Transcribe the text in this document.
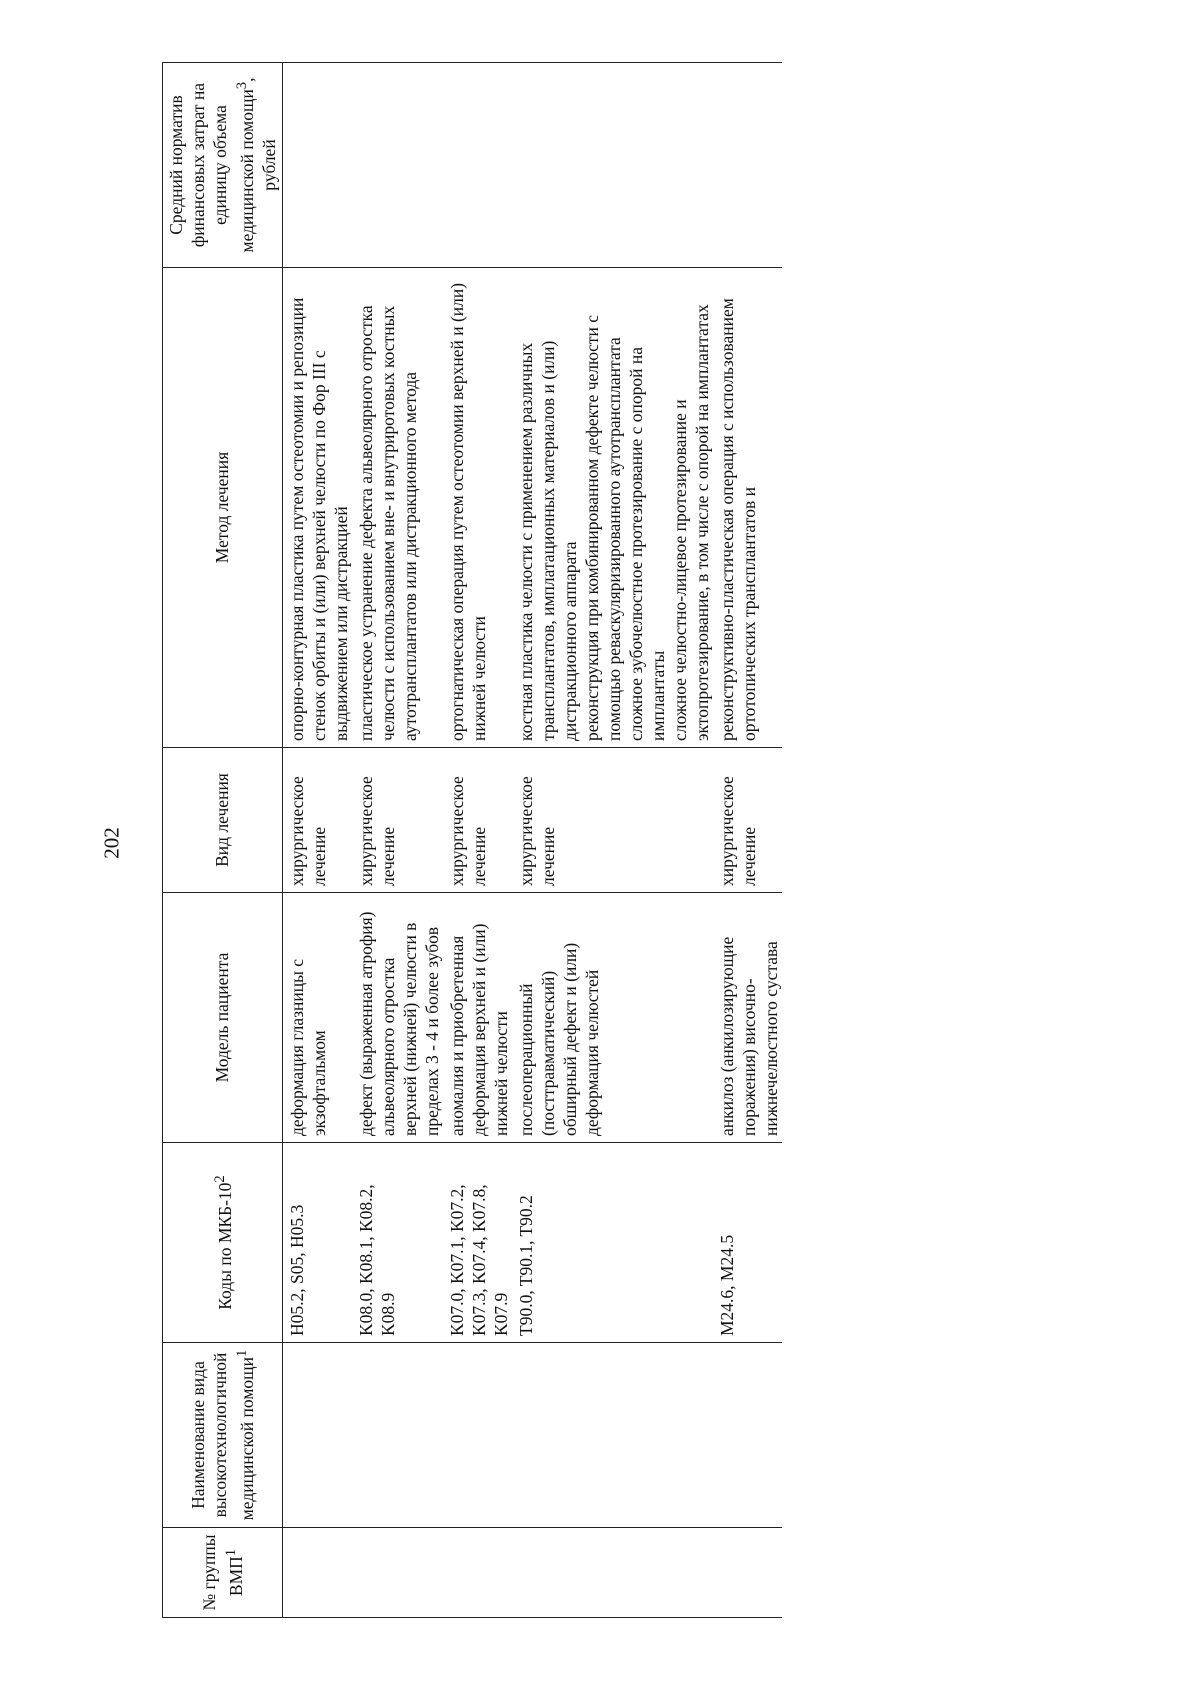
202
№ группы ВМП$^1$	Наименование вида высокотехнологичной медицинской помощи$^1$	Коды по МКБ-$10^2$	Модель пациента	Вид лечения	Метод лечения	Средний норматив финансовых затрат на единицу объема медицинской помощи$^3$, рублей
		H05.2, S05, H05.3	деформация глазницы с экзофтальмом	хирургическое лечение	опорно-контурная пластика путем остеотомии и репозиции стенок орбиты и (или) верхней челюсти по Фор III с выдвижением или дистракцией	

		K08.0, K08.1, K08.2, K08.9	дефект (выраженная атрофия) альвеолярного отростка верхней (нижней) челюсти в пределах 3 - 4 и более зубов	хирургическое лечение	пластическое устранение дефекта альвеолярного отростка челюсти с использованием вне- и внутриротовых костных аутотрансплантатов или дистракционного метода	

		K07.0, K07.1, K07.2, K07.3, K07.4, K07.8, K07.9	аномалия и приобретенная деформация верхней и (или) нижней челюсти	хирургическое лечение	ортогнатическая операция путем остеотомии верхней и (или) нижней челюсти	

		T90.0, T90.1, T90.2	послеоперационный (посттравматический) обширный дефект и (или) деформация челюстей	хирургическое лечение	костная пластика челюсти с применением различных трансплантатов, имплатационных материалов и (или) дистракционного аппарата реконструкция при комбинированном дефекте челюсти с помощью реваскуляризированного аутотрансплантата сложное зубочелюстное протезирование с опорой на имплантаты сложное челюстно-лицевое протезирование и эктопротезирование, в том числе с опорой на имплантатах	

		M24.6, M24.5	анкилоз (анкилозирующие поражения) височно-нижнечелюстного сустава	хирургическое лечение	реконструктивно-пластическая операция с использованием ортотопических трансплантатов и	
